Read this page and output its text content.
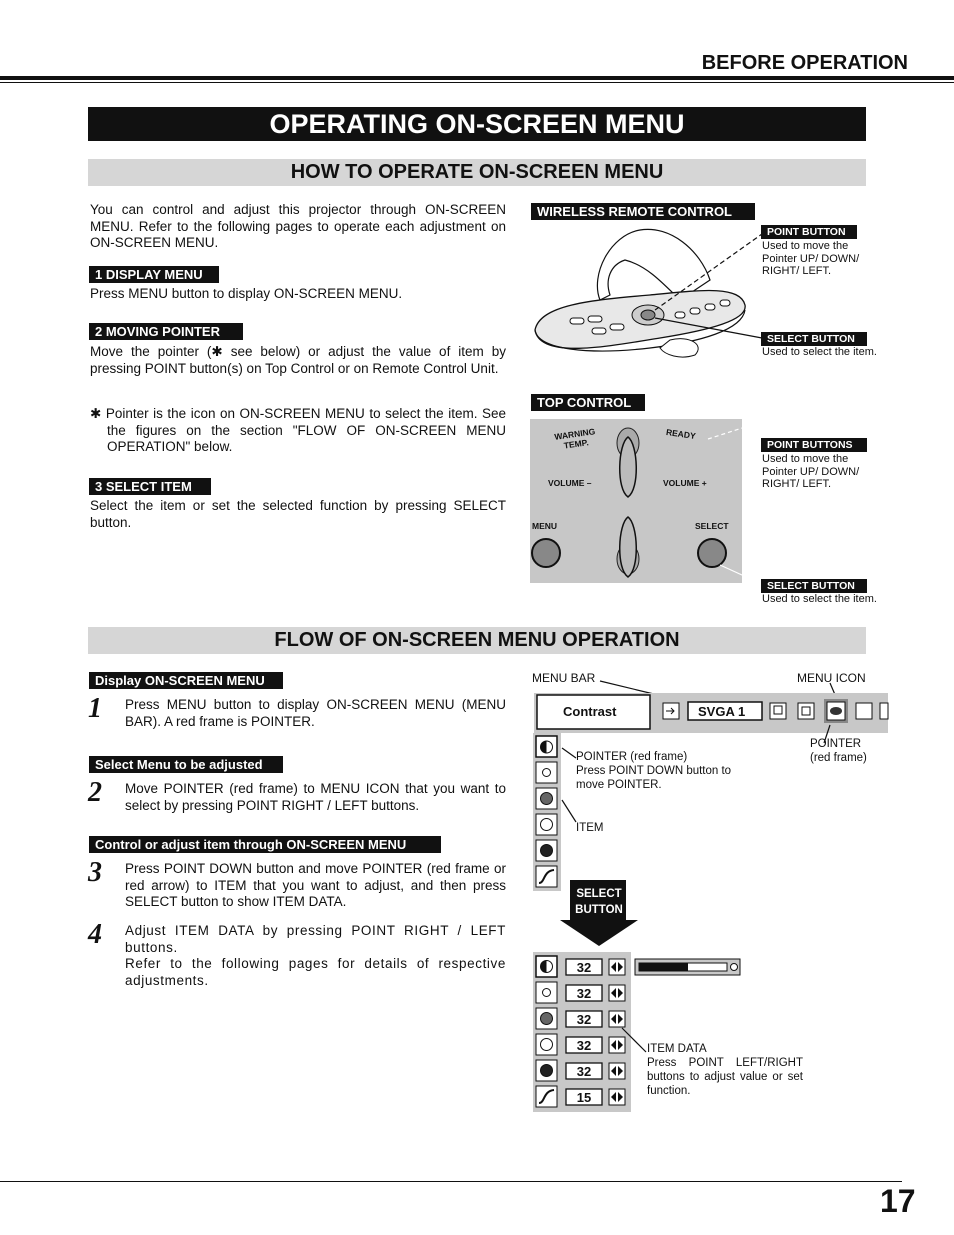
BEFORE OPERATION
OPERATING ON-SCREEN MENU
HOW TO OPERATE ON-SCREEN MENU
You can control and adjust this projector through ON-SCREEN MENU. Refer to the following pages to operate each adjustment on ON-SCREEN MENU.
1 DISPLAY MENU
Press MENU button to display ON-SCREEN MENU.
2 MOVING POINTER
Move the pointer (✱ see below) or adjust the value of item by pressing POINT button(s) on Top Control or on Remote Control Unit.
✱ Pointer is the icon on ON-SCREEN MENU to select the item. See the figures on the section "FLOW OF ON-SCREEN MENU OPERATION" below.
3 SELECT ITEM
Select the item or set the selected function by pressing SELECT button.
WIRELESS REMOTE CONTROL
POINT BUTTON
Used to move the Pointer UP/ DOWN/ RIGHT/ LEFT.
SELECT BUTTON
Used to select the item.
TOP CONTROL
WARNING TEMP.
READY
VOLUME –	VOLUME +
MENU	SELECT
POINT BUTTONS
Used to move the Pointer UP/ DOWN/ RIGHT/ LEFT.
SELECT BUTTON
Used to select the item.
FLOW OF ON-SCREEN MENU OPERATION
Display ON-SCREEN MENU
1 Press MENU button to display ON-SCREEN MENU (MENU BAR). A red frame is POINTER.
Select Menu to be adjusted
2 Move POINTER (red frame) to MENU ICON that you want to select by pressing POINT RIGHT / LEFT buttons.
Control or adjust item through ON-SCREEN MENU
3 Press POINT DOWN button and move POINTER (red frame or red arrow) to ITEM that you want to adjust, and then press SELECT button to show ITEM DATA.
4 Adjust ITEM DATA by pressing POINT RIGHT / LEFT buttons.
Refer to the following pages for details of respective adjustments.
MENU BAR	MENU ICON
Contrast	SVGA 1
POINTER
(red frame)
POINTER (red frame)
Press POINT DOWN button to move POINTER.
ITEM
SELECT
BUTTON
32
32
32
32
32
15
ITEM DATA
Press POINT LEFT/RIGHT buttons to adjust value or set function.
17
